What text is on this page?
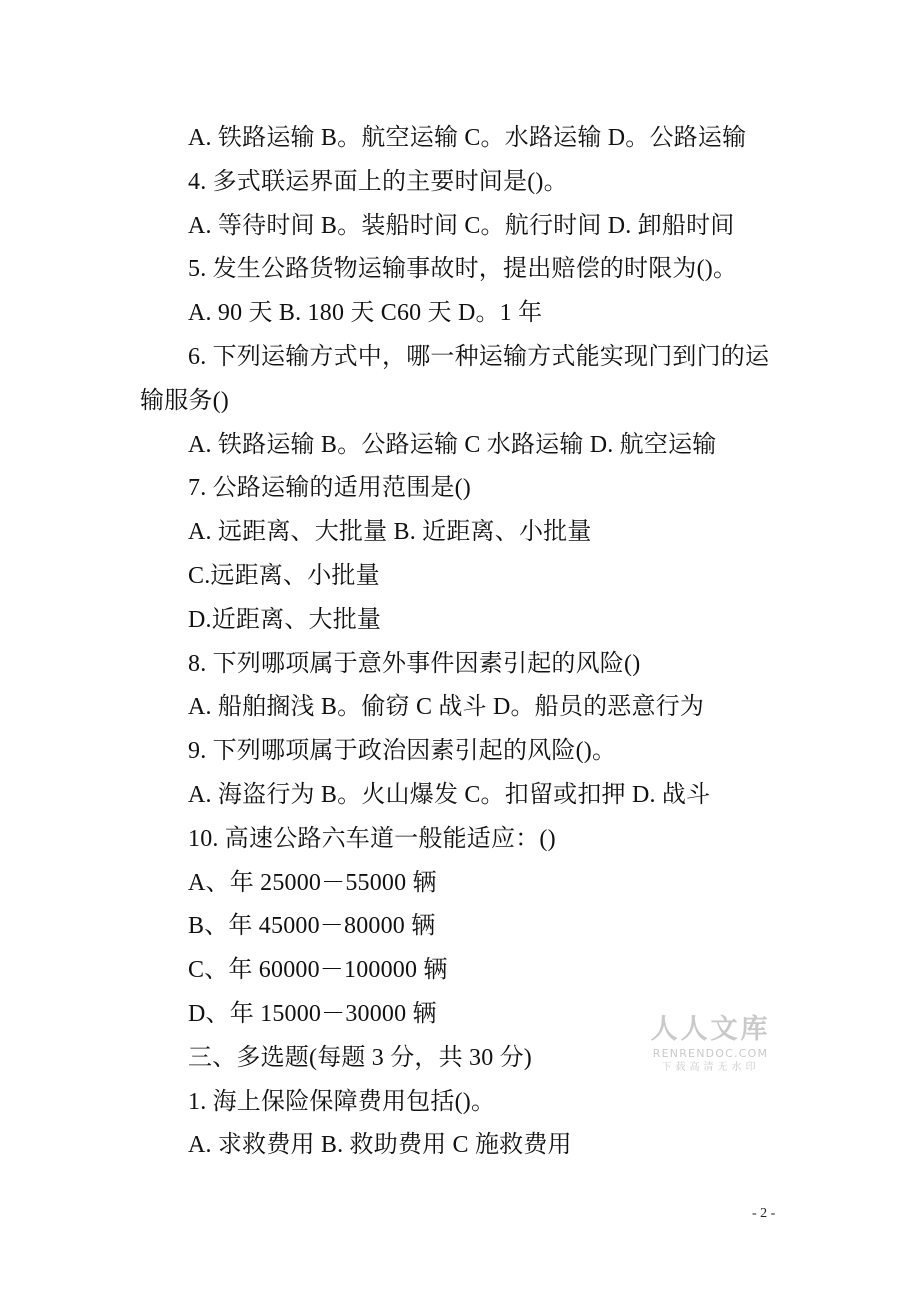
A. 铁路运输 B。航空运输 C。水路运输 D。公路运输
4. 多式联运界面上的主要时间是()。
A. 等待时间 B。装船时间 C。航行时间 D. 卸船时间
5. 发生公路货物运输事故时，提出赔偿的时限为()。
A. 90 天 B. 180 天 C60 天 D。1 年
6. 下列运输方式中，哪一种运输方式能实现门到门的运
输服务()
A. 铁路运输 B。公路运输 C 水路运输 D. 航空运输
7. 公路运输的适用范围是()
A. 远距离、大批量 B. 近距离、小批量
C.远距离、小批量
D.近距离、大批量
8. 下列哪项属于意外事件因素引起的风险()
A. 船舶搁浅 B。偷窃 C 战斗 D。船员的恶意行为
9. 下列哪项属于政治因素引起的风险()。
A. 海盗行为 B。火山爆发 C。扣留或扣押 D. 战斗
10. 高速公路六车道一般能适应：()
A、年 25000－55000 辆
B、年 45000－80000 辆
C、年 60000－100000 辆
D、年 15000－30000 辆
三、多选题(每题 3 分，共 30 分)
1. 海上保险保障费用包括()。
A. 求救费用 B. 救助费用 C 施救费用
人人文库
RENRENDOC.COM
下载高清无水印
- 2 -
